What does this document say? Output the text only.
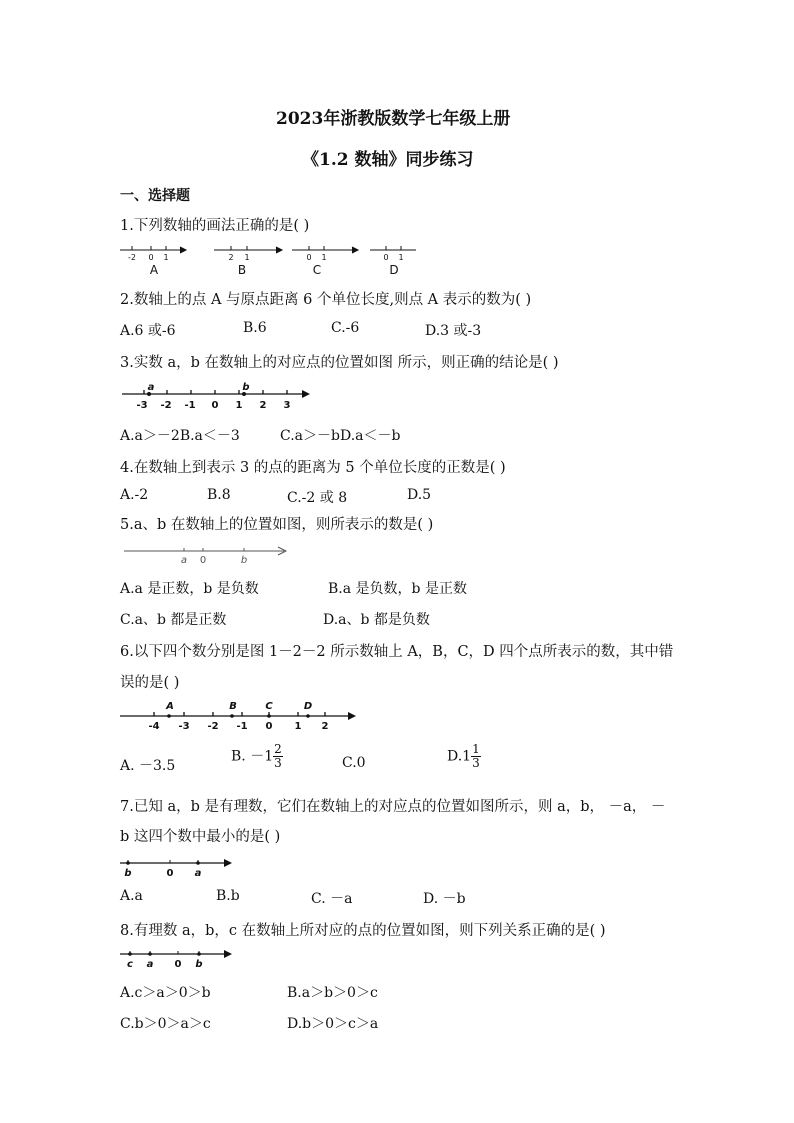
2023年浙教版数学七年级上册
《1.2 数轴》同步练习
一、选择题
1.下列数轴的画法正确的是( )
-2 0 1	2 1	0 1	0 1
A	B	C	D
2.数轴上的点 A 与原点距离 6 个单位长度,则点 A 表示的数为( )
A.6 或-6	B.6	C.-6	D.3 或-3
3.实数 a，b 在数轴上的对应点的位置如图 所示，则正确的结论是( )
-3 -2 -1 0 1 2 3
a	b
A.a＞－2B.a＜－3	C.a＞－bD.a＜－b
4.在数轴上到表示 3 的点的距离为 5 个单位长度的正数是( )
A.-2	B.8	C.-2 或 8	D.5
5.a、b 在数轴上的位置如图，则所表示的数是( )
a 0	b
A.a 是正数，b 是负数	B.a 是负数，b 是正数
C.a、b 都是正数	D.a、b 都是负数
6.以下四个数分别是图 1－2－2 所示数轴上 A，B，C，D 四个点所表示的数，其中错
误的是( )
A	B	C	D
-4 -3 -2 -1 0 1 2
A. －3.5
B. $-1 \frac{2}{3}$	C.0	$D.1 \frac{1}{3}$
7.已知 a，b 是有理数，它们在数轴上的对应点的位置如图所示，则 a，b， －a， －
b 这四个数中最小的是( )
b	0 a
A.a	B.b	C. －a	D. －b
8.有理数 a，b，c 在数轴上所对应的点的位置如图，则下列关系正确的是( )
c a 0 b
A.c＞a＞0＞b	B.a＞b＞0＞c
C.b＞0＞a＞c	D.b＞0＞c＞a
